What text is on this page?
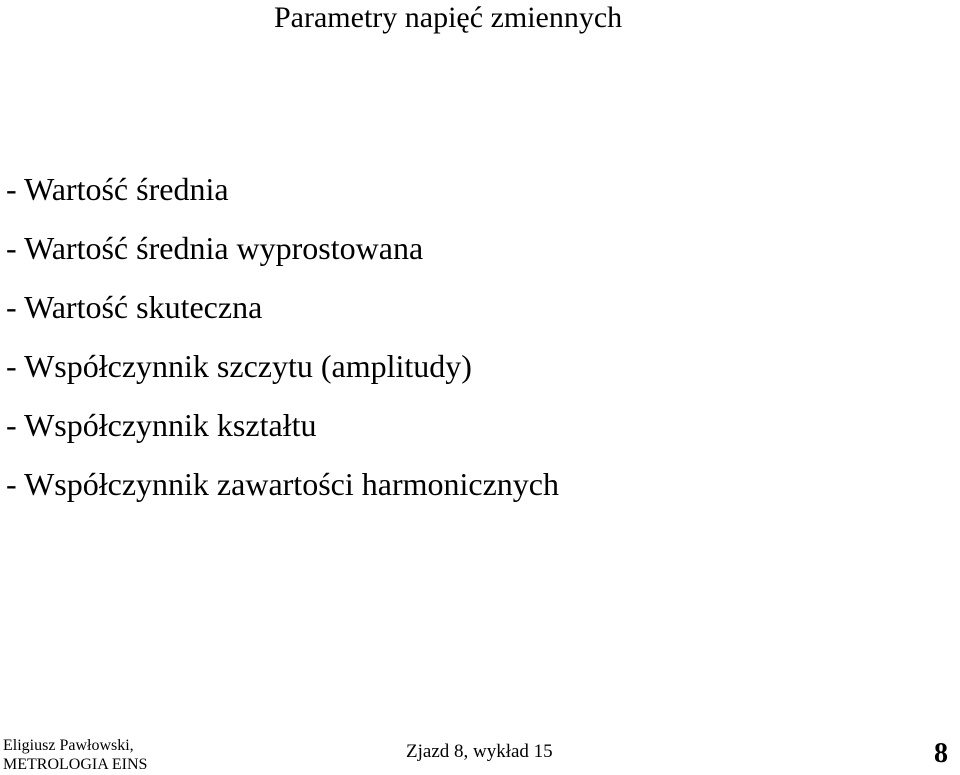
Parametry napięć zmiennych
- Wartość średnia
- Wartość średnia wyprostowana
- Wartość skuteczna
- Współczynnik szczytu (amplitudy)
- Współczynnik kształtu
- Współczynnik zawartości harmonicznych
Eligiusz Pawłowski,
METROLOGIA EINS
Zjazd 8, wykład 15	8
